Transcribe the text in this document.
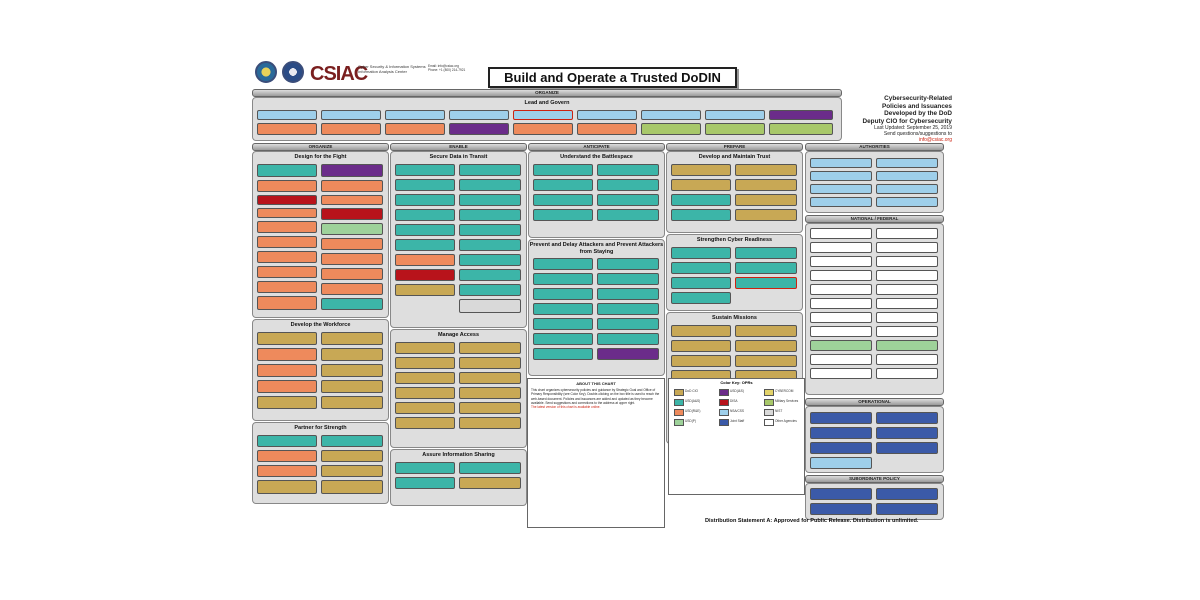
CSIAC
Cyber Security & Information Systems Information Analysis Center
Email: info@csiac.org Phone: +1 (800) 214-7921	Build and Operate a Trusted DoDIN
Cybersecurity-Related
Policies and Issuances
Developed by the DoD
Deputy CIO for Cybersecurity
Last Updated: September 25, 2019
Send questions/suggestions to
info@csiac.org
ORGANIZE
Lead and Govern
ORGANIZE	ENABLE	ANTICIPATE	PREPARE	AUTHORITIES
Design for the Fight
Develop the Workforce
Partner for Strength
Secure Data in Transit
Manage Access
Assure Information Sharing
Understand the Battlespace
Prevent and Delay Attackers and Prevent Attackers from Staying
Develop and Maintain Trust
Strengthen Cyber Readiness
Sustain Missions
ABOUT THIS CHART
This chart organizes cybersecurity policies and guidance by Strategic Goal and Office of Primary Responsibility (see Color Key). Double-clicking on the box title is used to reach the web-based document. Policies and issuances are added and updated as they become available. Send suggestions and corrections to the address at upper right.
The latest version of this chart is available online.
Color Key: OPRs
DoD CIO
USD(A&S)
USD(R&E)
USD(P)
USD(I&S)
DISA
NSA/CSS
Joint Staff
CYBERCOM
Military Services
NIST
Other Agencies
NATIONAL / FEDERAL
OPERATIONAL
SUBORDINATE POLICY
Distribution Statement A: Approved for Public Release. Distribution is unlimited.
